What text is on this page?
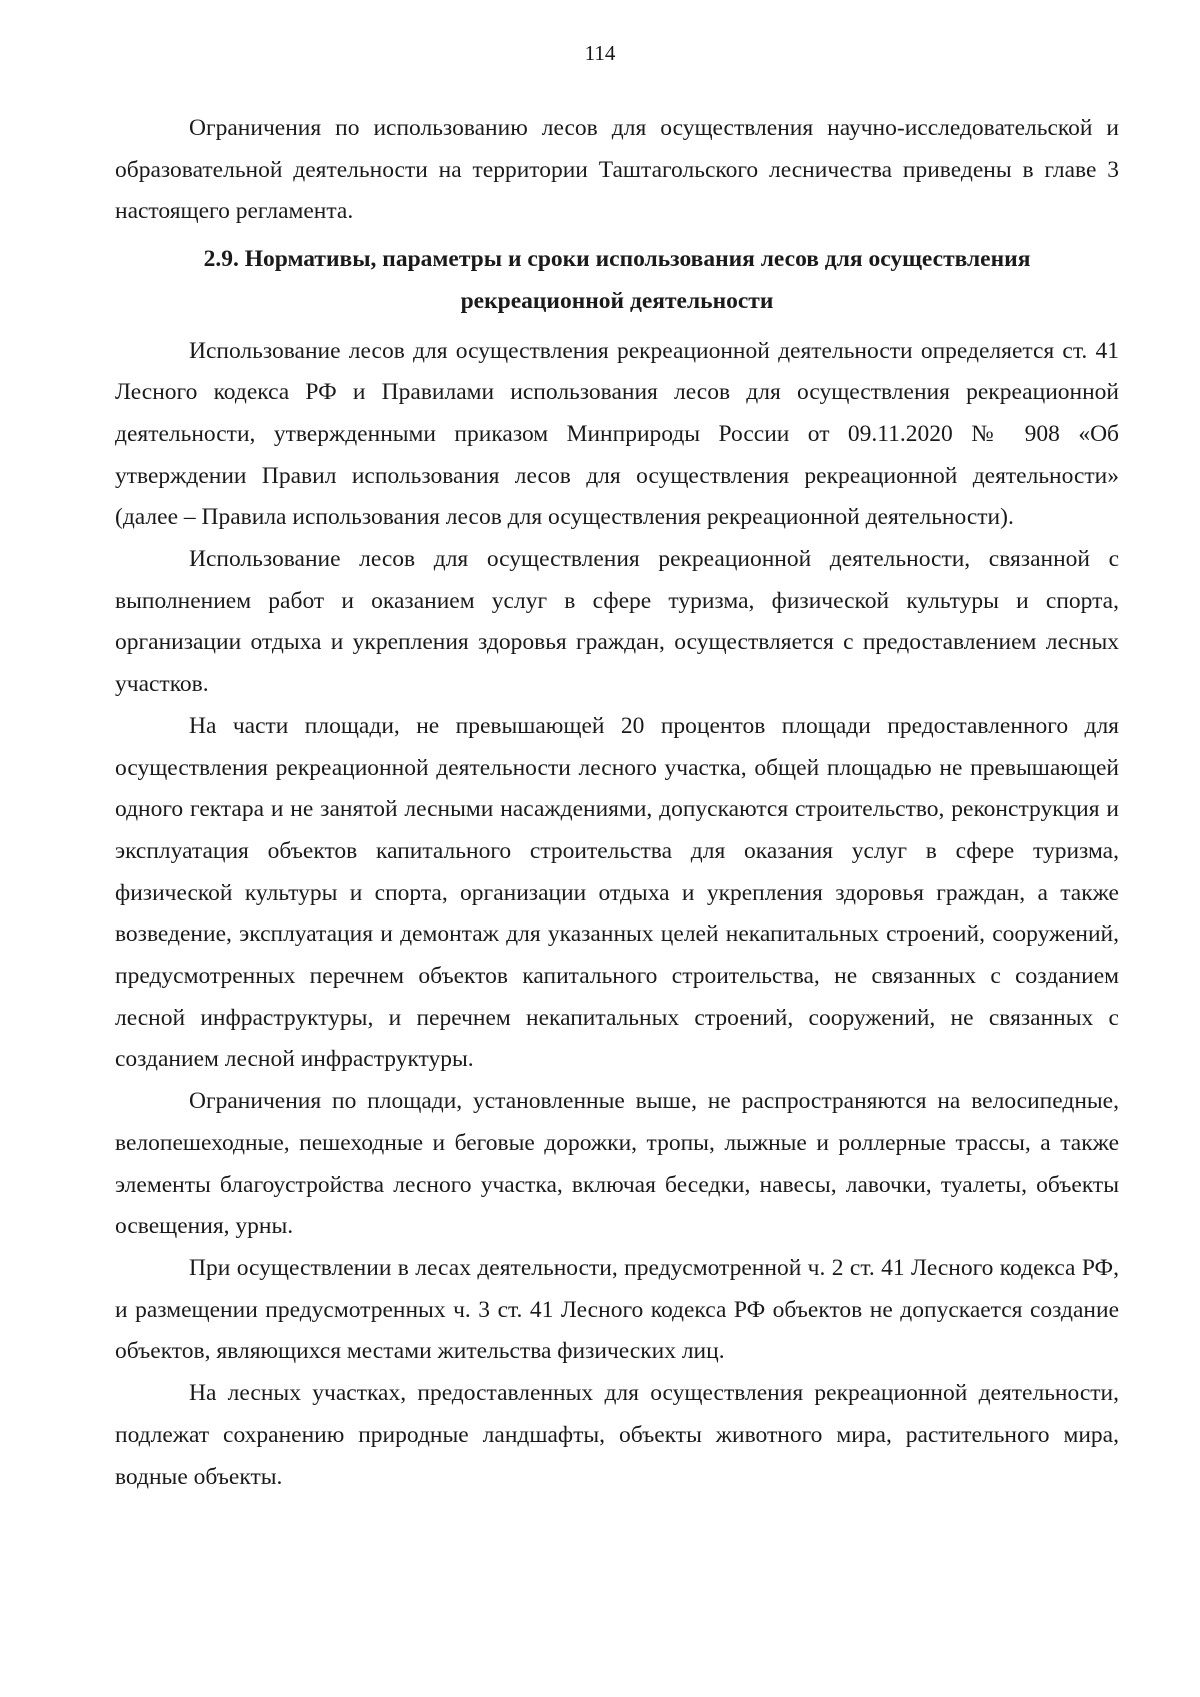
114

Ограничения по использованию лесов для осуществления научно-исследовательской и образовательной деятельности на территории Таштагольского лесничества приведены в главе 3 настоящего регламента.

2.9. Нормативы, параметры и сроки использования лесов для осуществления
рекреационной деятельности

Использование лесов для осуществления рекреационной деятельности определяется ст. 41 Лесного кодекса РФ и Правилами использования лесов для осуществления рекреационной деятельности, утвержденными приказом Минприроды России от 09.11.2020 № 908 «Об утверждении Правил использования лесов для осуществления рекреационной деятельности» (далее – Правила использования лесов для осуществления рекреационной деятельности).

Использование лесов для осуществления рекреационной деятельности, связанной с выполнением работ и оказанием услуг в сфере туризма, физической культуры и спорта, организации отдыха и укрепления здоровья граждан, осуществляется с предоставлением лесных участков.

На части площади, не превышающей 20 процентов площади предоставленного для осуществления рекреационной деятельности лесного участка, общей площадью не превышающей одного гектара и не занятой лесными насаждениями, допускаются строительство, реконструкция и эксплуатация объектов капитального строительства для оказания услуг в сфере туризма, физической культуры и спорта, организации отдыха и укрепления здоровья граждан, а также возведение, эксплуатация и демонтаж для указанных целей некапитальных строений, сооружений, предусмотренных перечнем объектов капитального строительства, не связанных с созданием лесной инфраструктуры, и перечнем некапитальных строений, сооружений, не связанных с созданием лесной инфраструктуры.

Ограничения по площади, установленные выше, не распространяются на велосипедные, велопешеходные, пешеходные и беговые дорожки, тропы, лыжные и роллерные трассы, а также элементы благоустройства лесного участка, включая беседки, навесы, лавочки, туалеты, объекты освещения, урны.

При осуществлении в лесах деятельности, предусмотренной ч. 2 ст. 41 Лесного кодекса РФ, и размещении предусмотренных ч. 3 ст. 41 Лесного кодекса РФ объектов не допускается создание объектов, являющихся местами жительства физических лиц.

На лесных участках, предоставленных для осуществления рекреационной деятельности, подлежат сохранению природные ландшафты, объекты животного мира, растительного мира, водные объекты.
